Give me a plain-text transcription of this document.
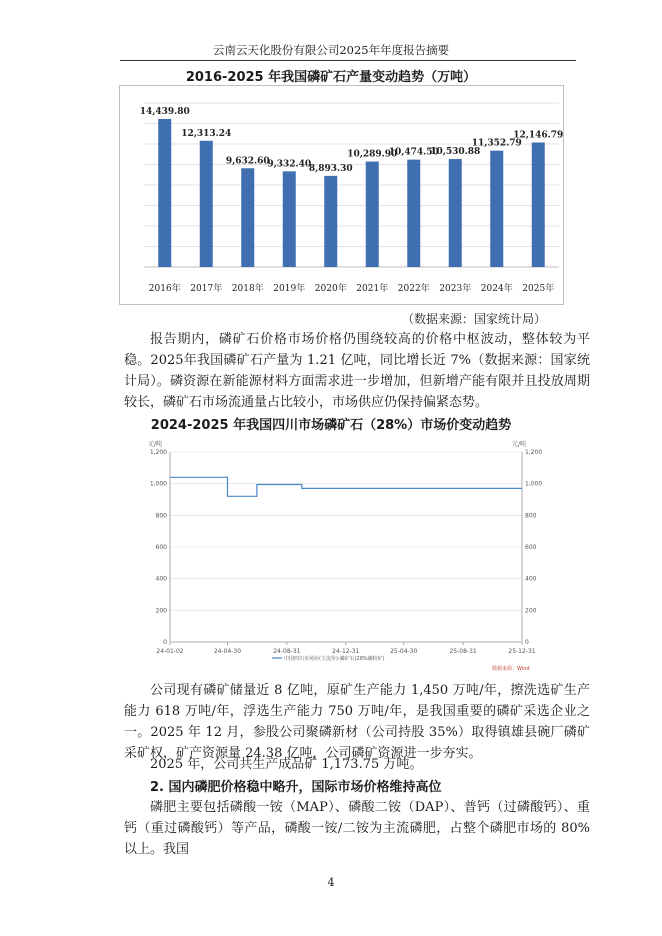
云南云天化股份有限公司2025年年度报告摘要
2016-2025 年我国磷矿石产量变动趋势（万吨）
14,439.80
2016年
12,313.24
2017年
9,632.60
2018年
9,332.40
2019年
8,893.30
2020年
10,289.90
2021年
10,474.50
2022年
10,530.88
2023年
11,352.79
2024年
12,146.79
2025年
（数据来源：国家统计局）
报告期内，磷矿石价格市场价格仍围绕较高的价格中枢波动，整体较为平稳。2025年我国磷矿石产量为 1.21 亿吨，同比增长近 7%（数据来源：国家统计局）。磷资源在新能源材料方面需求进一步增加，但新增产能有限并且投放周期较长，磷矿石市场流通量占比较小，市场供应仍保持偏紧态势。
2024-2025 年我国四川市场磷矿石（28%）市场价变动趋势
元/吨	元/吨
中国四川市场价(主流价):磷矿石(28%磷粉矿)
数据来源：Wind
0	0
200	200
400	400
600	600
800	800
1,000	1,000
1,200	1,200
24-01-02	24-04-30	24-08-31	24-12-31	25-04-30	25-08-31	25-12-31
公司现有磷矿储量近 8 亿吨，原矿生产能力 1,450 万吨/年，擦洗选矿生产能力 618 万吨/年，浮选生产能力 750 万吨/年，是我国重要的磷矿采选企业之一。2025 年 12 月，参股公司聚磷新材（公司持股 35%）取得镇雄县碗厂磷矿采矿权，矿产资源量 24.38 亿吨，公司磷矿资源进一步夯实。
2025 年，公司共生产成品矿 1,173.75 万吨。
2. 国内磷肥价格稳中略升，国际市场价格维持高位
磷肥主要包括磷酸一铵（MAP）、磷酸二铵（DAP）、普钙（过磷酸钙）、重钙（重过磷酸钙）等产品，磷酸一铵/二铵为主流磷肥，占整个磷肥市场的 80%以上。我国
4
